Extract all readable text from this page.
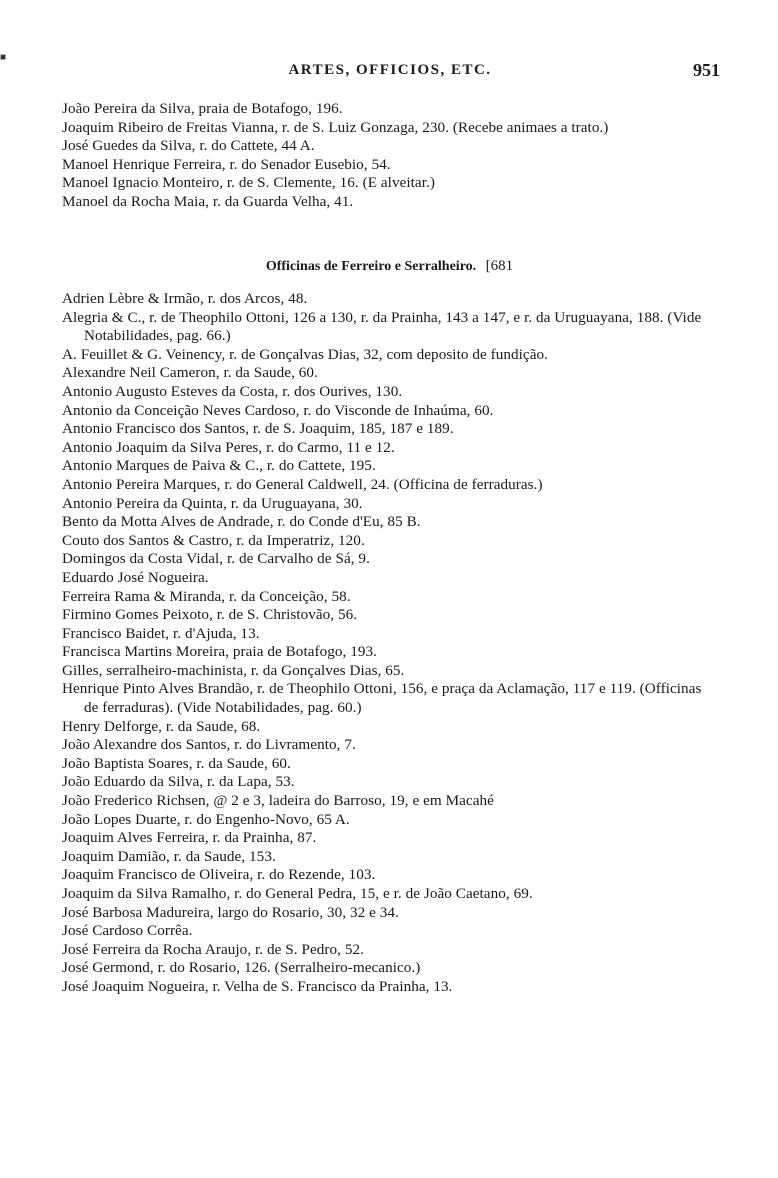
■
ARTES, OFFICIOS, ETC.	951
João Pereira da Silva, praia de Botafogo, 196.
Joaquim Ribeiro de Freitas Vianna, r. de S. Luiz Gonzaga, 230. (Recebe animaes a trato.)
José Guedes da Silva, r. do Cattete, 44 A.
Manoel Henrique Ferreira, r. do Senador Eusebio, 54.
Manoel Ignacio Monteiro, r. de S. Clemente, 16. (E alveitar.)
Manoel da Rocha Maia, r. da Guarda Velha, 41.
Officinas de Ferreiro e Serralheiro. [681
Adrien Lèbre & Irmão, r. dos Arcos, 48.
Alegria & C., r. de Theophilo Ottoni, 126 a 130, r. da Prainha, 143 a 147, e r. da Uruguayana, 188. (Vide Notabilidades, pag. 66.)
A. Feuillet & G. Veinency, r. de Gonçalvas Dias, 32, com deposito de fundição.
Alexandre Neil Cameron, r. da Saude, 60.
Antonio Augusto Esteves da Costa, r. dos Ourives, 130.
Antonio da Conceição Neves Cardoso, r. do Visconde de Inhaúma, 60.
Antonio Francisco dos Santos, r. de S. Joaquim, 185, 187 e 189.
Antonio Joaquim da Silva Peres, r. do Carmo, 11 e 12.
Antonio Marques de Paiva & C., r. do Cattete, 195.
Antonio Pereira Marques, r. do General Caldwell, 24. (Officina de ferraduras.)
Antonio Pereira da Quinta, r. da Uruguayana, 30.
Bento da Motta Alves de Andrade, r. do Conde d'Eu, 85 B.
Couto dos Santos & Castro, r. da Imperatriz, 120.
Domingos da Costa Vidal, r. de Carvalho de Sá, 9.
Eduardo José Nogueira.
Ferreira Rama & Miranda, r. da Conceição, 58.
Firmino Gomes Peixoto, r. de S. Christovão, 56.
Francisco Baidet, r. d'Ajuda, 13.
Francisca Martins Moreira, praia de Botafogo, 193.
Gilles, serralheiro-machinista, r. da Gonçalves Dias, 65.
Henrique Pinto Alves Brandão, r. de Theophilo Ottoni, 156, e praça da Aclamação, 117 e 119. (Officinas de ferraduras). (Vide Notabilidades, pag. 60.)
Henry Delforge, r. da Saude, 68.
João Alexandre dos Santos, r. do Livramento, 7.
João Baptista Soares, r. da Saude, 60.
João Eduardo da Silva, r. da Lapa, 53.
João Frederico Richsen, @ 2 e 3, ladeira do Barroso, 19, e em Macahé
João Lopes Duarte, r. do Engenho-Novo, 65 A.
Joaquim Alves Ferreira, r. da Prainha, 87.
Joaquim Damião, r. da Saude, 153.
Joaquim Francisco de Oliveira, r. do Rezende, 103.
Joaquim da Silva Ramalho, r. do General Pedra, 15, e r. de João Caetano, 69.
José Barbosa Madureira, largo do Rosario, 30, 32 e 34.
José Cardoso Corrêa.
José Ferreira da Rocha Araujo, r. de S. Pedro, 52.
José Germond, r. do Rosario, 126. (Serralheiro-mecanico.)
José Joaquim Nogueira, r. Velha de S. Francisco da Prainha, 13.
